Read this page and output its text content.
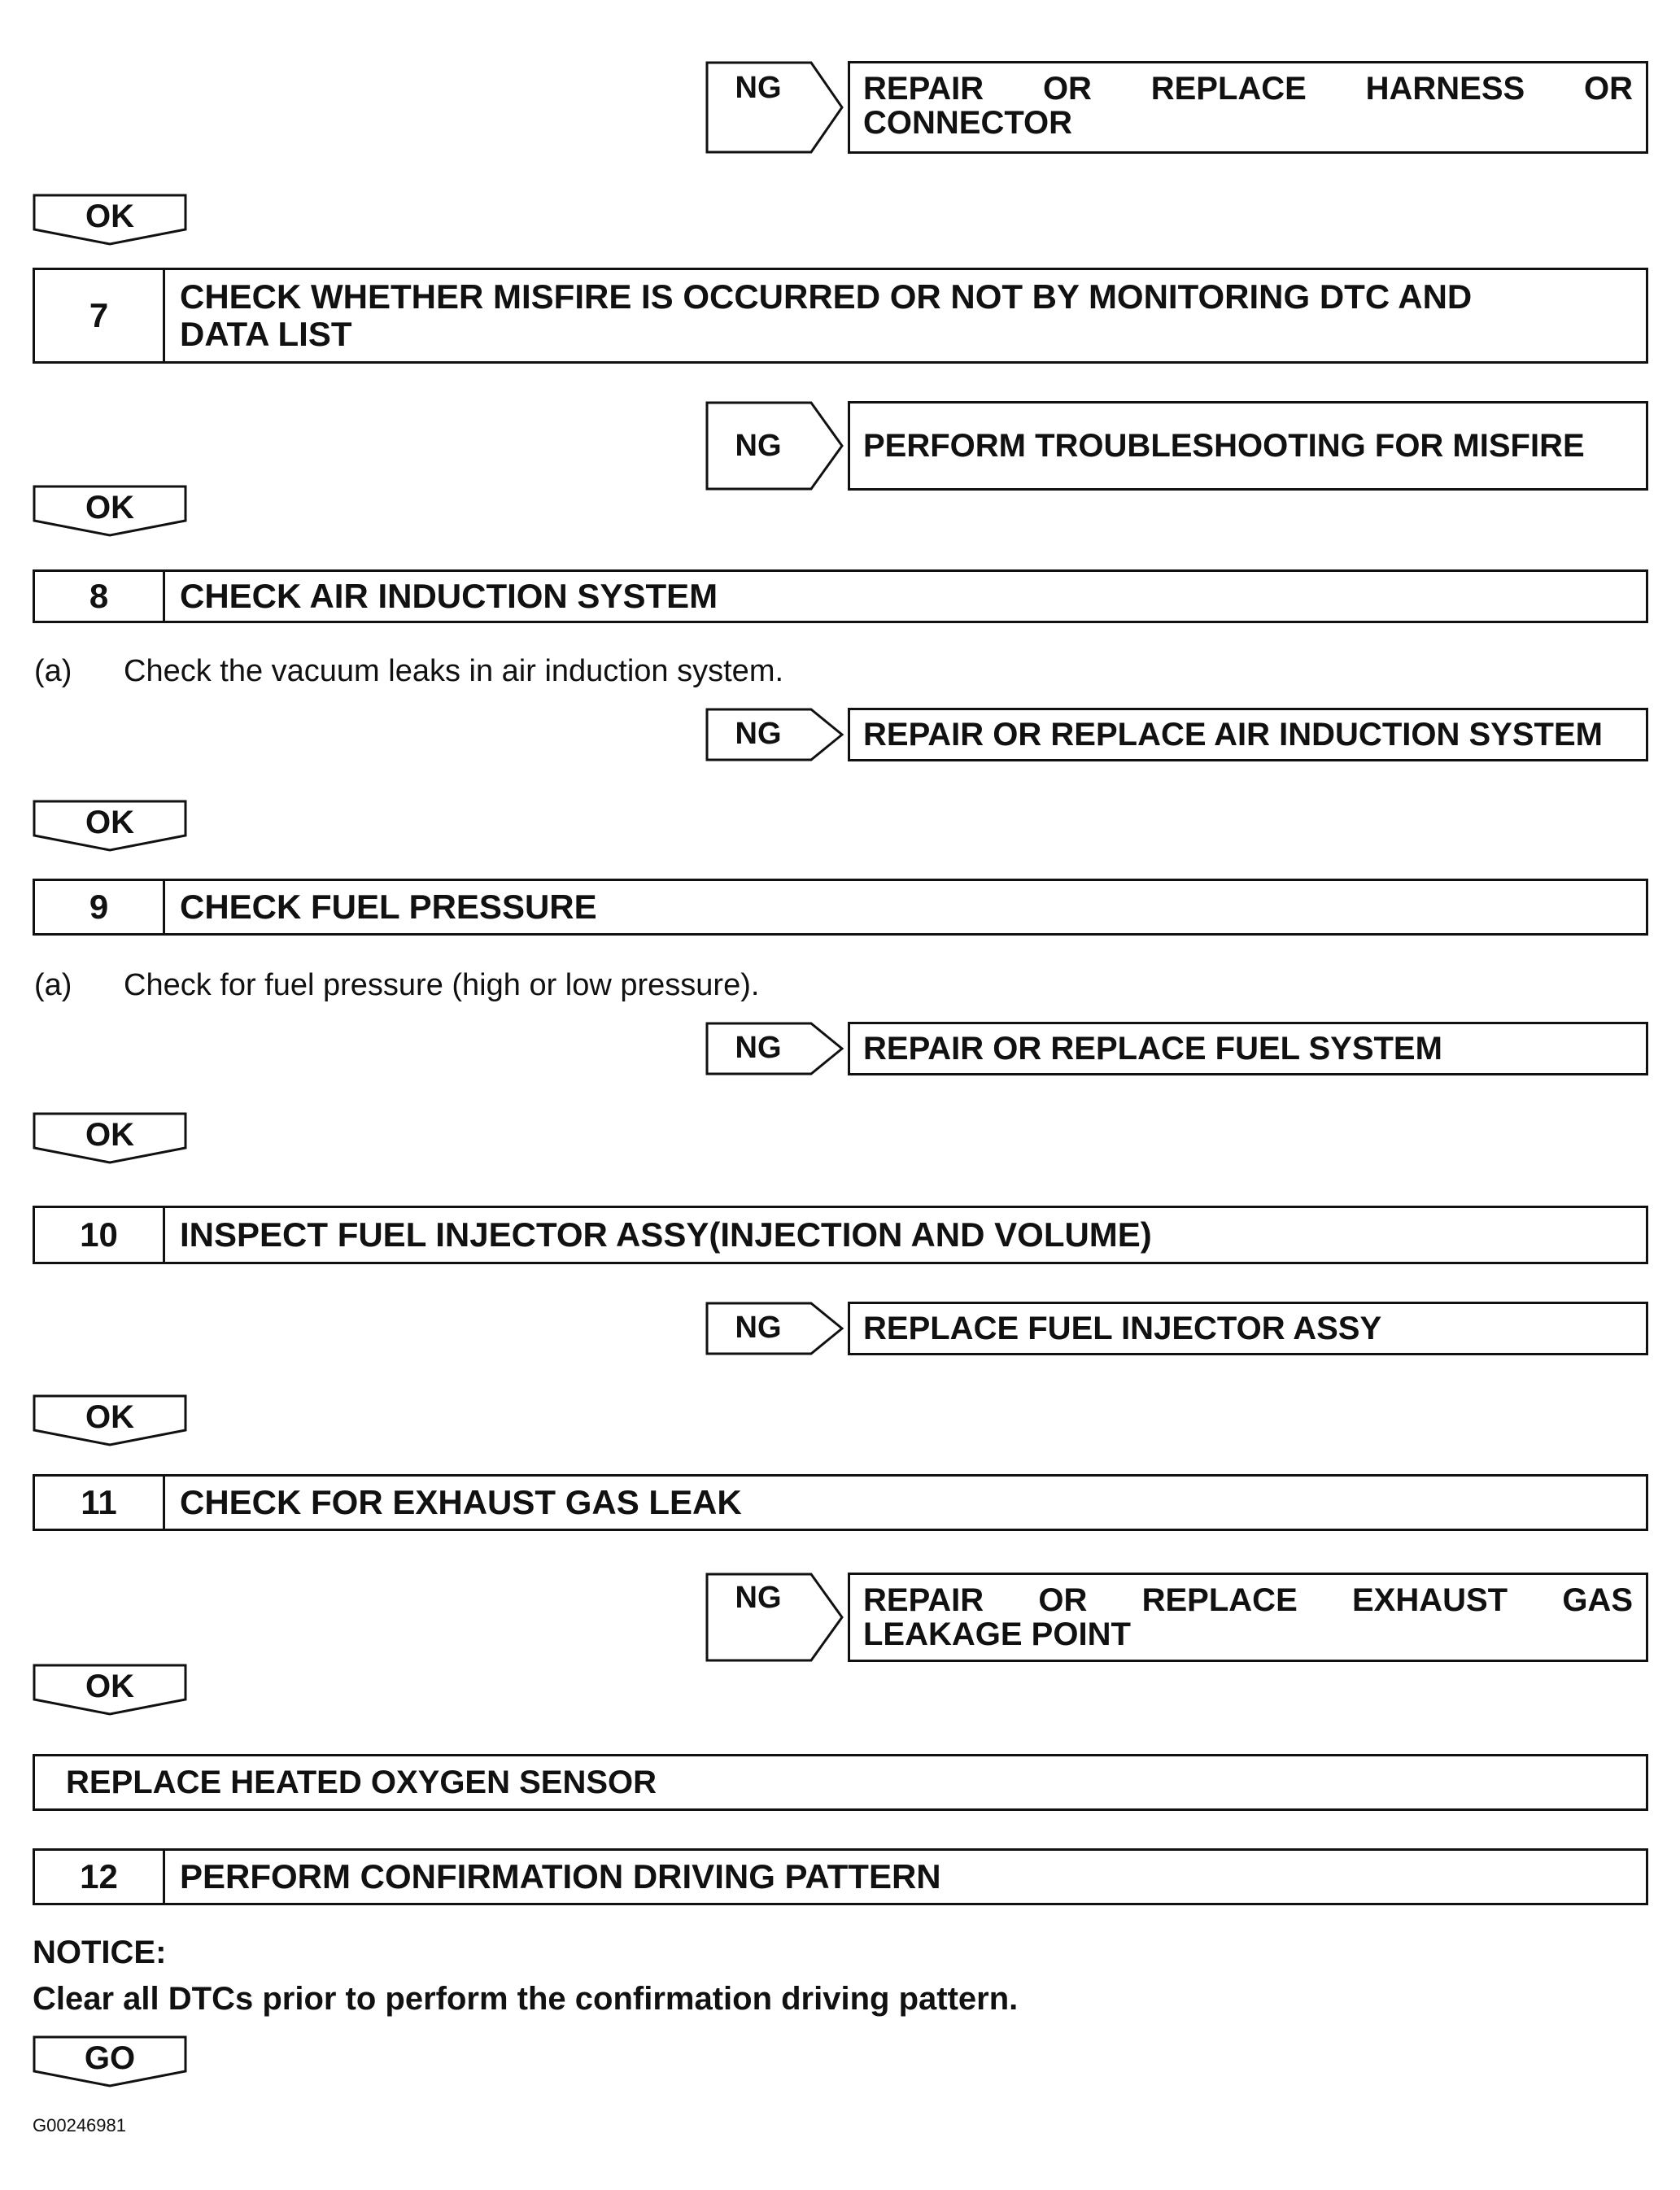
NG	REPAIR OR REPLACE HARNESS OR
CONNECTOR
OK
7	CHECK WHETHER MISFIRE IS OCCURRED OR NOT BY MONITORING DTC AND
DATA LIST
NG	PERFORM TROUBLESHOOTING FOR MISFIRE
OK
8	CHECK AIR INDUCTION SYSTEM
(a) Check the vacuum leaks in air induction system.
NG	REPAIR OR REPLACE AIR INDUCTION SYSTEM
OK
9	CHECK FUEL PRESSURE
(a) Check for fuel pressure (high or low pressure).
NG	REPAIR OR REPLACE FUEL SYSTEM
OK
10	INSPECT FUEL INJECTOR ASSY(INJECTION AND VOLUME)
NG	REPLACE FUEL INJECTOR ASSY
OK
11	CHECK FOR EXHAUST GAS LEAK
NG	REPAIR OR REPLACE EXHAUST GAS
LEAKAGE POINT
OK
REPLACE HEATED OXYGEN SENSOR
12	PERFORM CONFIRMATION DRIVING PATTERN
NOTICE:
Clear all DTCs prior to perform the confirmation driving pattern.
GO
G00246981
